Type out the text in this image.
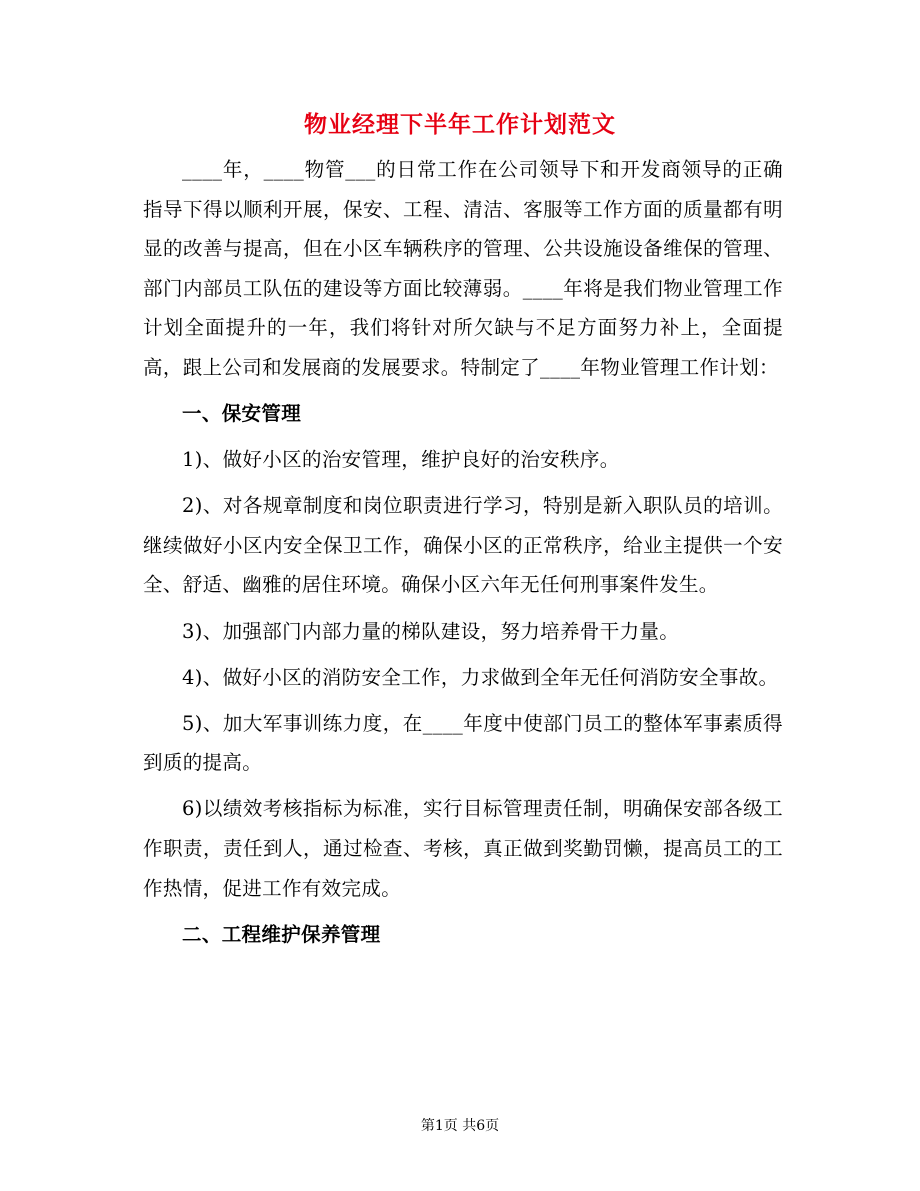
物业经理下半年工作计划范文

____年，____物管___的日常工作在公司领导下和开发商领导的正确指导下得以顺利开展，保安、工程、清洁、客服等工作方面的质量都有明显的改善与提高，但在小区车辆秩序的管理、公共设施设备维保的管理、部门内部员工队伍的建设等方面比较薄弱。____年将是我们物业管理工作计划全面提升的一年，我们将针对所欠缺与不足方面努力补上，全面提高，跟上公司和发展商的发展要求。特制定了____年物业管理工作计划：

一、保安管理

1)、做好小区的治安管理，维护良好的治安秩序。

2)、对各规章制度和岗位职责进行学习，特别是新入职队员的培训。继续做好小区内安全保卫工作，确保小区的正常秩序，给业主提供一个安全、舒适、幽雅的居住环境。确保小区六年无任何刑事案件发生。

3)、加强部门内部力量的梯队建设，努力培养骨干力量。

4)、做好小区的消防安全工作，力求做到全年无任何消防安全事故。

5)、加大军事训练力度，在____年度中使部门员工的整体军事素质得到质的提高。

6)以绩效考核指标为标准，实行目标管理责任制，明确保安部各级工作职责，责任到人，通过检查、考核，真正做到奖勤罚懒，提高员工的工作热情，促进工作有效完成。

二、工程维护保养管理

第1页 共6页
